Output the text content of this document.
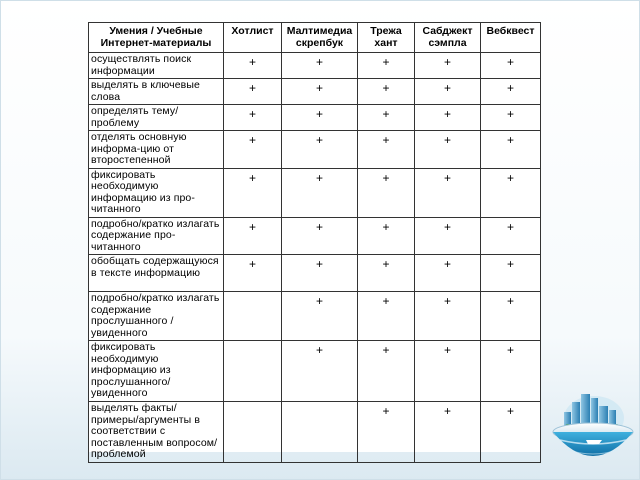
Умения / Учебные Интернет-материалы	Хотлист	Малтимедиа скрепбук	Трежа хант	Сабджект сэмпла	Вебквест
осуществлять поиск информации	+	+	+	+	+
выделять в ключевые слова	+	+	+	+	+
определять тему/ проблему	+	+	+	+	+
отделять основную информа-цию от второстепенной	+	+	+	+	+
фиксировать необходимую информацию из про-читанного	+	+	+	+	+
подробно/кратко излагать содержание про-читанного	+	+	+	+	+
обобщать содержащуюся в тексте информацию	+	+	+	+	+
подробно/кратко излагать содержание прослушанного / увиденного		+	+	+	+
фиксировать необходимую информацию из прослушанного/ увиденного		+	+	+	+
выделять факты/ примеры/аргументы в соответствии с поставленным вопросом/ проблемой			+	+	+
